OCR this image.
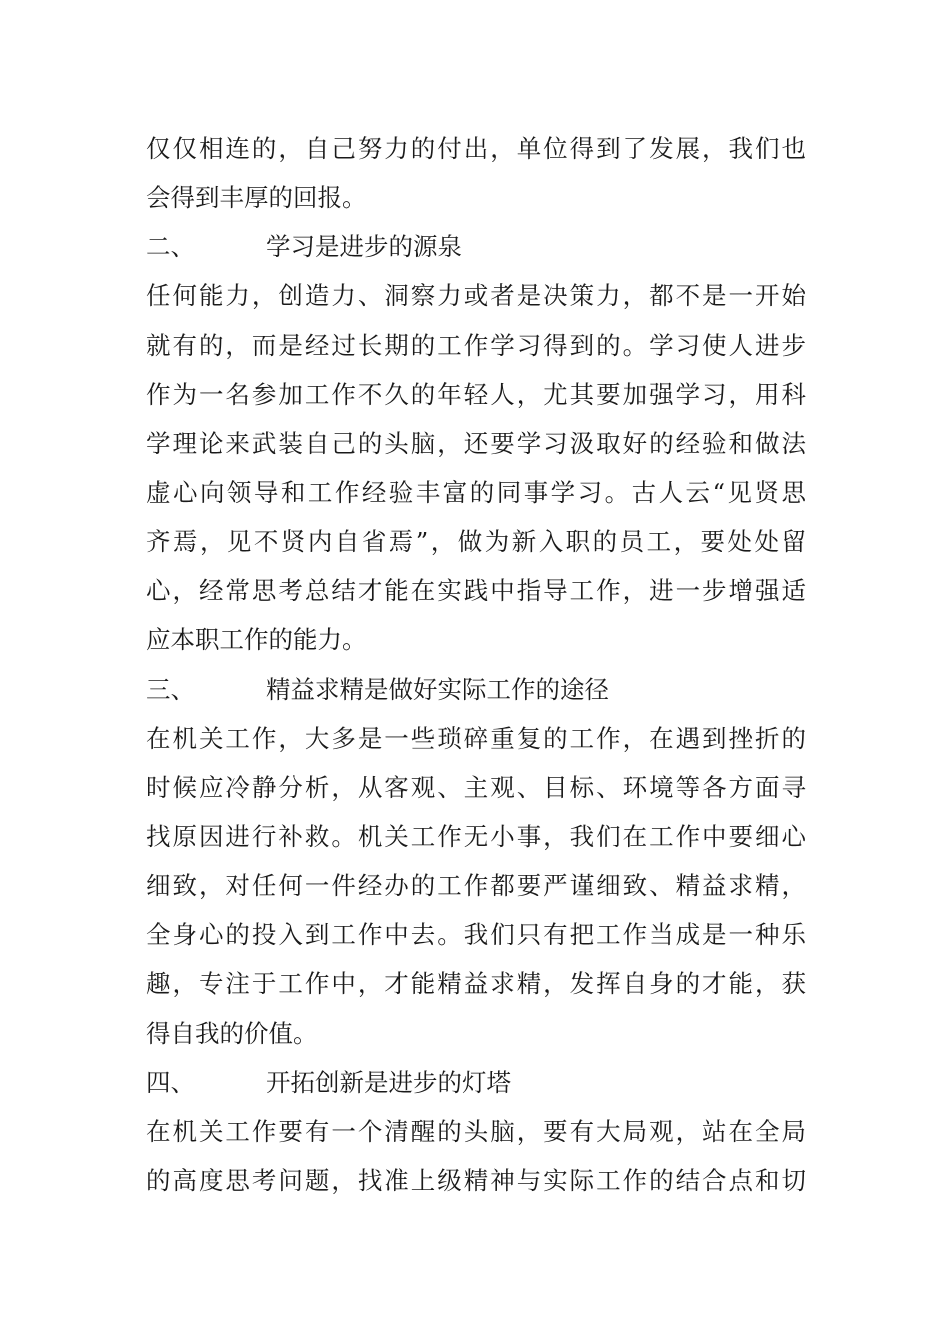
仅仅相连的，自己努力的付出，单位得到了发展，我们也
会得到丰厚的回报。
二、	学习是进步的源泉
任何能力，创造力、洞察力或者是决策力，都不是一开始
就有的，而是经过长期的工作学习得到的。学习使人进步
作为一名参加工作不久的年轻人，尤其要加强学习，用科
学理论来武装自己的头脑，还要学习汲取好的经验和做法
虚心向领导和工作经验丰富的同事学习。古人云“见贤思
齐焉，见不贤内自省焉”，做为新入职的员工，要处处留
心，经常思考总结才能在实践中指导工作，进一步增强适
应本职工作的能力。
三、	精益求精是做好实际工作的途径
在机关工作，大多是一些琐碎重复的工作，在遇到挫折的
时候应冷静分析，从客观、主观、目标、环境等各方面寻
找原因进行补救。机关工作无小事，我们在工作中要细心
细致，对任何一件经办的工作都要严谨细致、精益求精，
全身心的投入到工作中去。我们只有把工作当成是一种乐
趣，专注于工作中，才能精益求精，发挥自身的才能，获
得自我的价值。
四、	开拓创新是进步的灯塔
在机关工作要有一个清醒的头脑，要有大局观，站在全局
的高度思考问题，找准上级精神与实际工作的结合点和切
